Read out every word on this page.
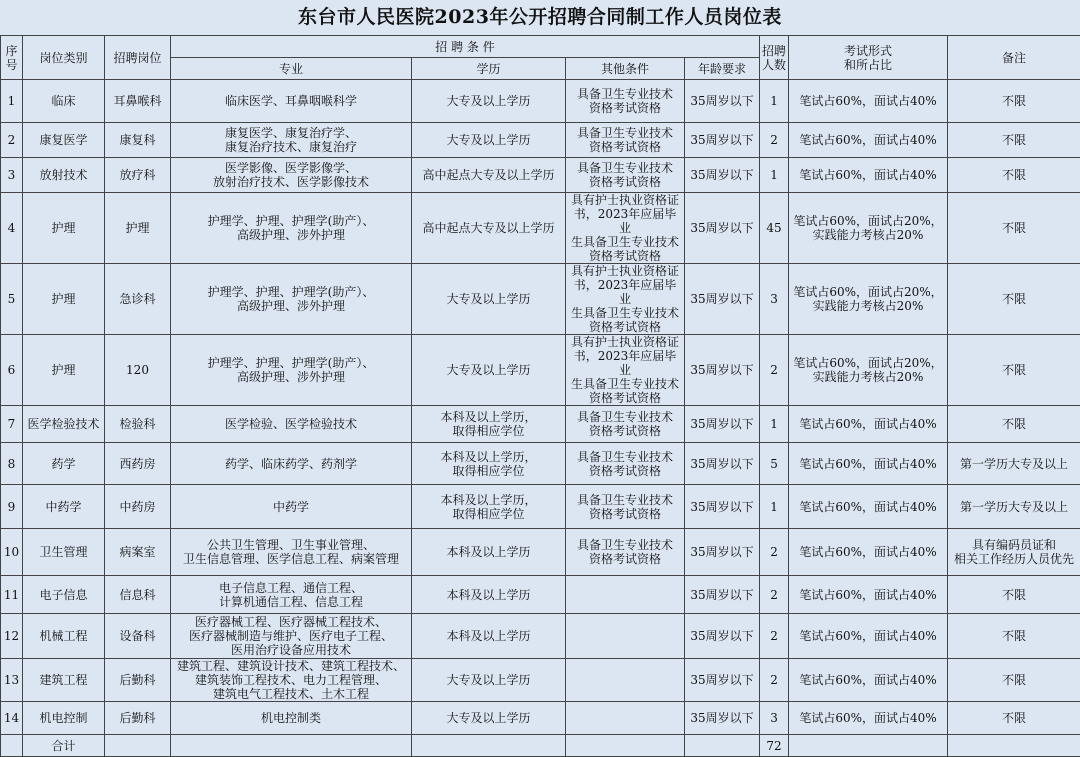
东台市人民医院2023年公开招聘合同制工作人员岗位表
序
号	岗位类别	招聘岗位	招 聘 条 件				招聘
人数	考试形式
和所占比	备注
			专业	学历	其他条件	年龄要求			
1	临床	耳鼻喉科	临床医学、耳鼻咽喉科学	大专及以上学历	具备卫生专业技术
资格考试资格	35周岁以下	1	笔试占60%，面试占40%	不限
2	康复医学	康复科	康复医学、康复治疗学、
康复治疗技术、康复治疗	大专及以上学历	具备卫生专业技术
资格考试资格	35周岁以下	2	笔试占60%，面试占40%	不限
3	放射技术	放疗科	医学影像、医学影像学、
放射治疗技术、医学影像技术	高中起点大专及以上学历	具备卫生专业技术
资格考试资格	35周岁以下	1	笔试占60%，面试占40%	不限
4	护理	护理	护理学、护理、护理学(助产）、
高级护理、涉外护理	高中起点大专及以上学历	具有护士执业资格证
书，2023年应届毕业
生具备卫生专业技术
资格考试资格	35周岁以下	45	笔试占60%，面试占20%，
实践能力考核占20%	不限
5	护理	急诊科	护理学、护理、护理学(助产）、
高级护理、涉外护理	大专及以上学历	具有护士执业资格证
书，2023年应届毕业
生具备卫生专业技术
资格考试资格	35周岁以下	3	笔试占60%，面试占20%，
实践能力考核占20%	不限
6	护理	120	护理学、护理、护理学(助产）、
高级护理、涉外护理	大专及以上学历	具有护士执业资格证
书，2023年应届毕业
生具备卫生专业技术
资格考试资格	35周岁以下	2	笔试占60%，面试占20%，
实践能力考核占20%	不限
7	医学检验技术	检验科	医学检验、医学检验技术	本科及以上学历，
取得相应学位	具备卫生专业技术
资格考试资格	35周岁以下	1	笔试占60%，面试占40%	不限
8	药学	西药房	药学、临床药学、药剂学	本科及以上学历，
取得相应学位	具备卫生专业技术
资格考试资格	35周岁以下	5	笔试占60%，面试占40%	第一学历大专及以上
9	中药学	中药房	中药学	本科及以上学历，
取得相应学位	具备卫生专业技术
资格考试资格	35周岁以下	1	笔试占60%，面试占40%	第一学历大专及以上
10	卫生管理	病案室	公共卫生管理、卫生事业管理、
卫生信息管理、医学信息工程、病案管理	本科及以上学历	具备卫生专业技术
资格考试资格	35周岁以下	2	笔试占60%，面试占40%	具有编码员证和
相关工作经历人员优先
11	电子信息	信息科	电子信息工程、通信工程、
计算机通信工程、信息工程	本科及以上学历		35周岁以下	2	笔试占60%，面试占40%	不限
12	机械工程	设备科	医疗器械工程、医疗器械工程技术、
医疗器械制造与维护、医疗电子工程、
医用治疗设备应用技术	本科及以上学历		35周岁以下	2	笔试占60%，面试占40%	不限
13	建筑工程	后勤科	建筑工程、建筑设计技术、建筑工程技术、
建筑装饰工程技术、电力工程管理、
建筑电气工程技术、土木工程	大专及以上学历		35周岁以下	2	笔试占60%，面试占40%	不限
14	机电控制	后勤科	机电控制类	大专及以上学历		35周岁以下	3	笔试占60%，面试占40%	不限
	合计						72		
